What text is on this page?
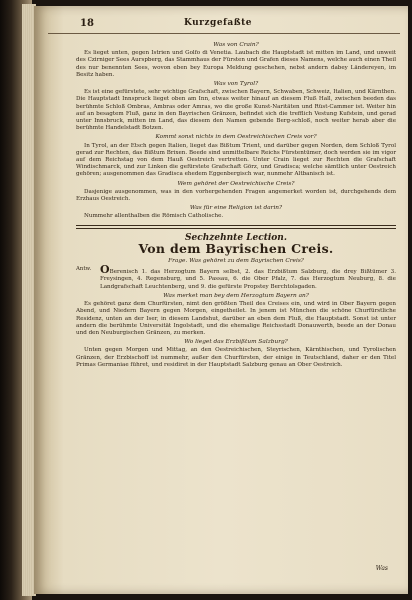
18	Kurzgefaßte
Was von Crain?

Es lieget unten, gegen Istrien und Golfo di Venetia. Laubach die Hauptstadt ist mitten im Land, und unweit des Czirniger Sees Aurspberg, das Stammhaus der Fürsten und Grafen dieses Namens, welche auch einen Theil des nur benennten Sees, wovon eben bey Europa Meldung geschehen, nebst andern dabey Ländereyen, im Besitz haben.

Was von Tyrol?

Es ist eine gefürstete, sehr wichtige Grafschaft, zwischen Bayern, Schwaben, Schweiz, Italien, und Kärnthen. Die Hauptstadt Innspruck lieget oben am Inn, etwas weiter hinauf an diesem Fluß Hall, zwischen beeden das berühmte Schloß Ombras, Ambras oder Amras, wo die große Kunst-Naritäten und Rüst-Cammer ist. Weiter hin auf an besagtem Fluß, ganz in den Bayrischen Gränzen, befindet sich die trefflich Vestung Kufstein, und gerad unter Innsbruck, mitten im Land, das diesem den Namen gebende Berg-schloß, noch weiter herab aber die berühmte Handelstadt Botzen.

Kommt sonst nichts in dem Oestreichischen Creis vor?

In Tyrol, an der Etsch gegen Italien, lieget das Bißtum Trient, und darüber gegen Norden, dem Schloß Tyrol gerad zur Rechten, das Bißtum Brixen. Beede sind unmittelbare Reichs Fürstentümer, doch werden sie im vigor auf dem Reichstag von dem Hauß Oestreich vertretten. Unter Crain lieget zur Rechten die Grafschaft Windischmarck, und zur Linken die gefürstete Grafschaft Görz, und Gradisca; welche sämtlich unter Oestreich gehören; ausgenommen das Gradisca ehedem Eggenbergisch war, nunmehr Altbanisch ist.

Wem gehöret der Oestreichische Creis?

Dasjenige ausgenommen, was in den vorhergehenden Fragen angemerket worden ist, durchgehends dem Erzhaus Oestreich.

Was für eine Religion ist darin?

Nummehr allenthalben die Römisch Catholische.

Sechzehnte Lection.
Von dem Bayrischen Creis.
Frage. Was gehöret zu dem Bayrischen Creis?

Antw. OBerenisch 1. das Herzogtum Bayern selbst, 2. das Erzbißtum Salzburg, die drey Bißtümer 3. Freysingen, 4. Regensburg, und 5. Passau, 6. die Ober Pfalz, 7. das Herzogtum Neuburg, 8. die Landgrafschaft Leuchtenberg, und 9. die gefürste Propstey Berchtolsgaden.

Was merket man bey dem Herzogtum Bayern an?

Es gehöret ganz dem Churfürsten, nimt den größten Theil des Creises ein, und wird in Ober Bayern gegen Abend, und Niedern Bayern gegen Morgen, eingetheilet. In jenem ist München die schöne Churfürstliche Residenz, unten an der Iser, in diesem Landshut, darüber an eben dem Fluß, die Hauptstadt. Sonst ist unter andern die berühmte Universität Ingolstadt, und die ehemalige Reichsstadt Donauwerth, beede an der Donau und den Neuburgischen Gränzen, zu merken.

Wo lieget das Erzbißtum Salzburg?

Unten gegen Morgen und Mittag, an den Oestreichischen, Steyrischen, Kärnthischen, und Tyrolischen Gränzen, der Erzbischoff ist nummehr, außer den Churfürsten, der einige in Teutschland, daher er den Titel Primas Germaniae führet, und residiret in der Hauptstadt Salzburg genau an Ober Oestreich.

Was
